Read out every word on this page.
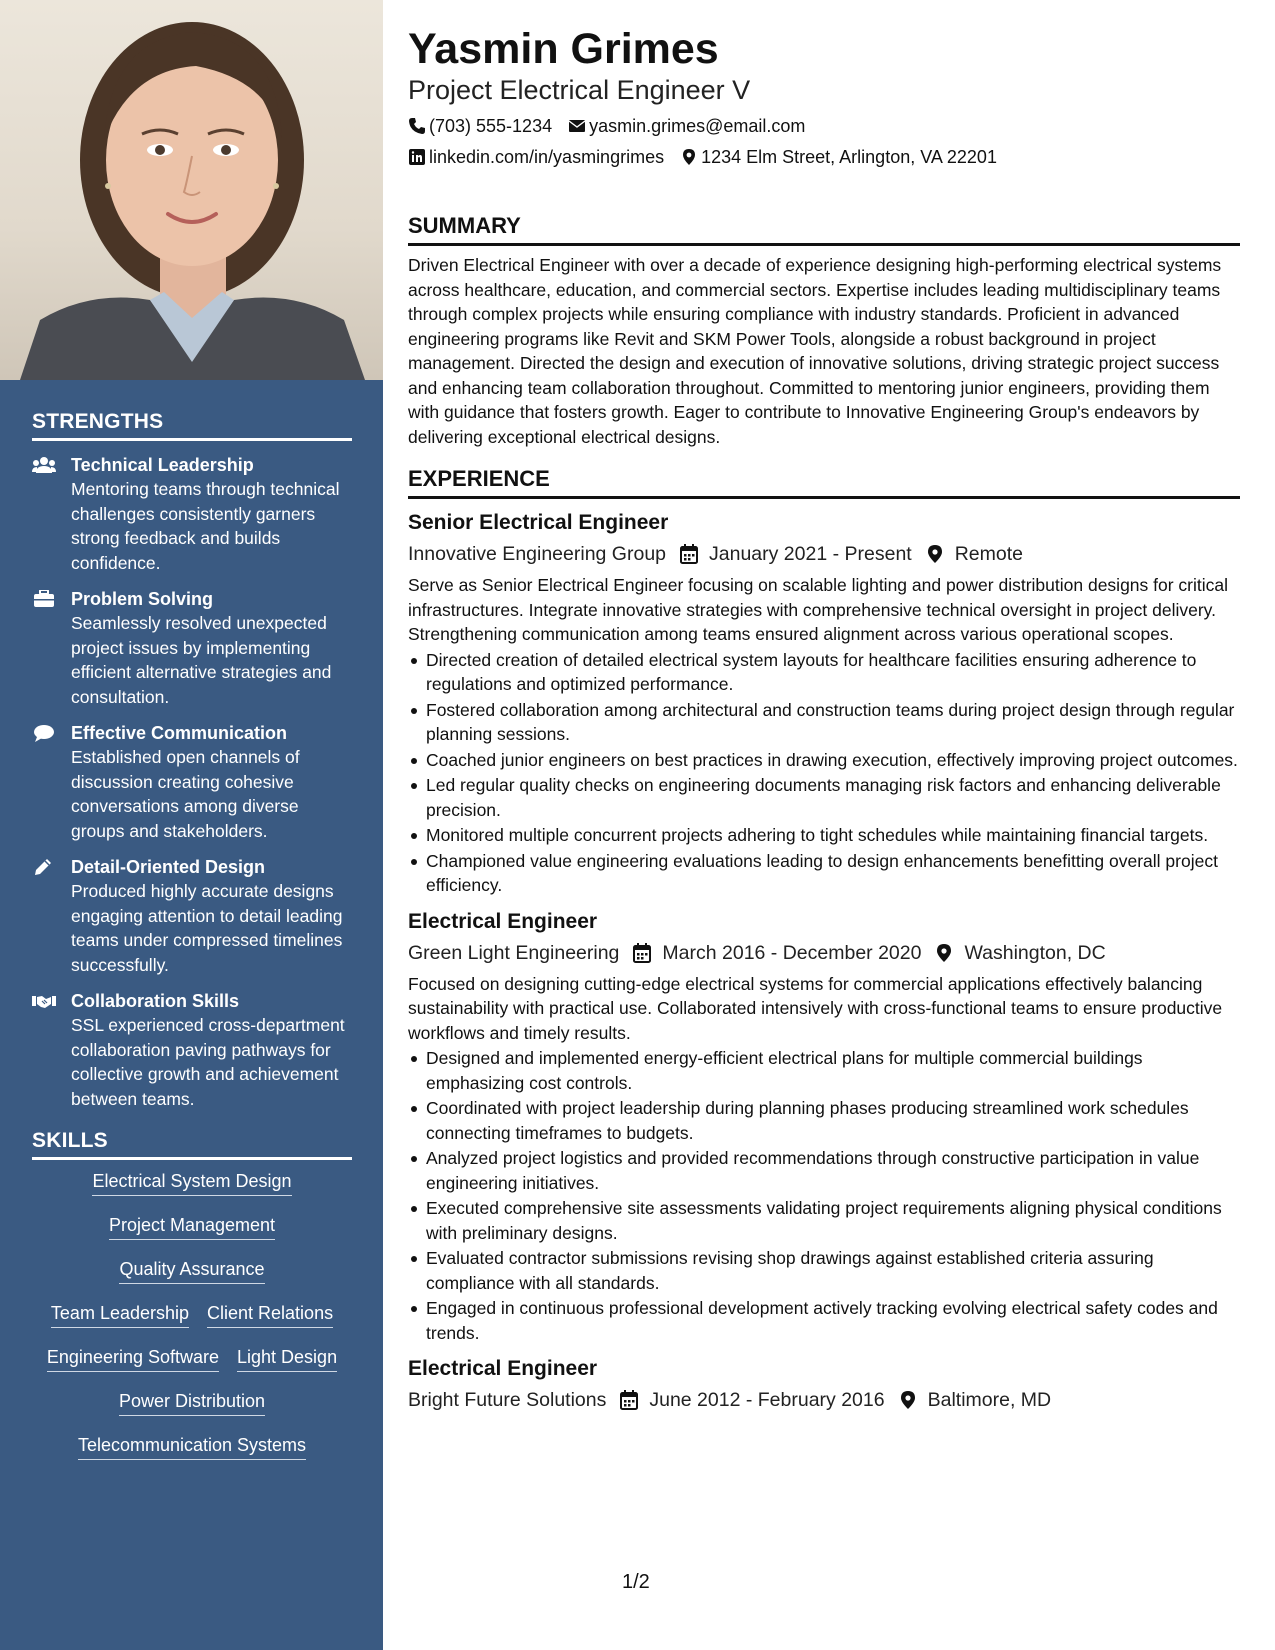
STRENGTHS
Technical Leadership
Mentoring teams through technical challenges consistently garners strong feedback and builds confidence.
Problem Solving
Seamlessly resolved unexpected project issues by implementing efficient alternative strategies and consultation.
Effective Communication
Established open channels of discussion creating cohesive conversations among diverse groups and stakeholders.
Detail-Oriented Design
Produced highly accurate designs engaging attention to detail leading teams under compressed timelines successfully.
Collaboration Skills
SSL experienced cross-department collaboration paving pathways for collective growth and achievement between teams.
SKILLS
Electrical System Design
Project Management
Quality Assurance
Team Leadership Client Relations
Engineering Software Light Design
Power Distribution
Telecommunication Systems
Yasmin Grimes
Project Electrical Engineer V
(703) 555-1234 yasmin.grimes@email.com
linkedin.com/in/yasmingrimes 1234 Elm Street, Arlington, VA 22201
SUMMARY
Driven Electrical Engineer with over a decade of experience designing high-performing electrical systems across healthcare, education, and commercial sectors. Expertise includes leading multidisciplinary teams through complex projects while ensuring compliance with industry standards. Proficient in advanced engineering programs like Revit and SKM Power Tools, alongside a robust background in project management. Directed the design and execution of innovative solutions, driving strategic project success and enhancing team collaboration throughout. Committed to mentoring junior engineers, providing them with guidance that fosters growth. Eager to contribute to Innovative Engineering Group's endeavors by delivering exceptional electrical designs.
EXPERIENCE
Senior Electrical Engineer
Innovative Engineering Group January 2021 - Present Remote
Serve as Senior Electrical Engineer focusing on scalable lighting and power distribution designs for critical infrastructures. Integrate innovative strategies with comprehensive technical oversight in project delivery. Strengthening communication among teams ensured alignment across various operational scopes.
Directed creation of detailed electrical system layouts for healthcare facilities ensuring adherence to regulations and optimized performance.
Fostered collaboration among architectural and construction teams during project design through regular planning sessions.
Coached junior engineers on best practices in drawing execution, effectively improving project outcomes.
Led regular quality checks on engineering documents managing risk factors and enhancing deliverable precision.
Monitored multiple concurrent projects adhering to tight schedules while maintaining financial targets.
Championed value engineering evaluations leading to design enhancements benefitting overall project efficiency.
Electrical Engineer
Green Light Engineering March 2016 - December 2020 Washington, DC
Focused on designing cutting-edge electrical systems for commercial applications effectively balancing sustainability with practical use. Collaborated intensively with cross-functional teams to ensure productive workflows and timely results.
Designed and implemented energy-efficient electrical plans for multiple commercial buildings emphasizing cost controls.
Coordinated with project leadership during planning phases producing streamlined work schedules connecting timeframes to budgets.
Analyzed project logistics and provided recommendations through constructive participation in value engineering initiatives.
Executed comprehensive site assessments validating project requirements aligning physical conditions with preliminary designs.
Evaluated contractor submissions revising shop drawings against established criteria assuring compliance with all standards.
Engaged in continuous professional development actively tracking evolving electrical safety codes and trends.
Electrical Engineer
Bright Future Solutions June 2012 - February 2016 Baltimore, MD
1/2
